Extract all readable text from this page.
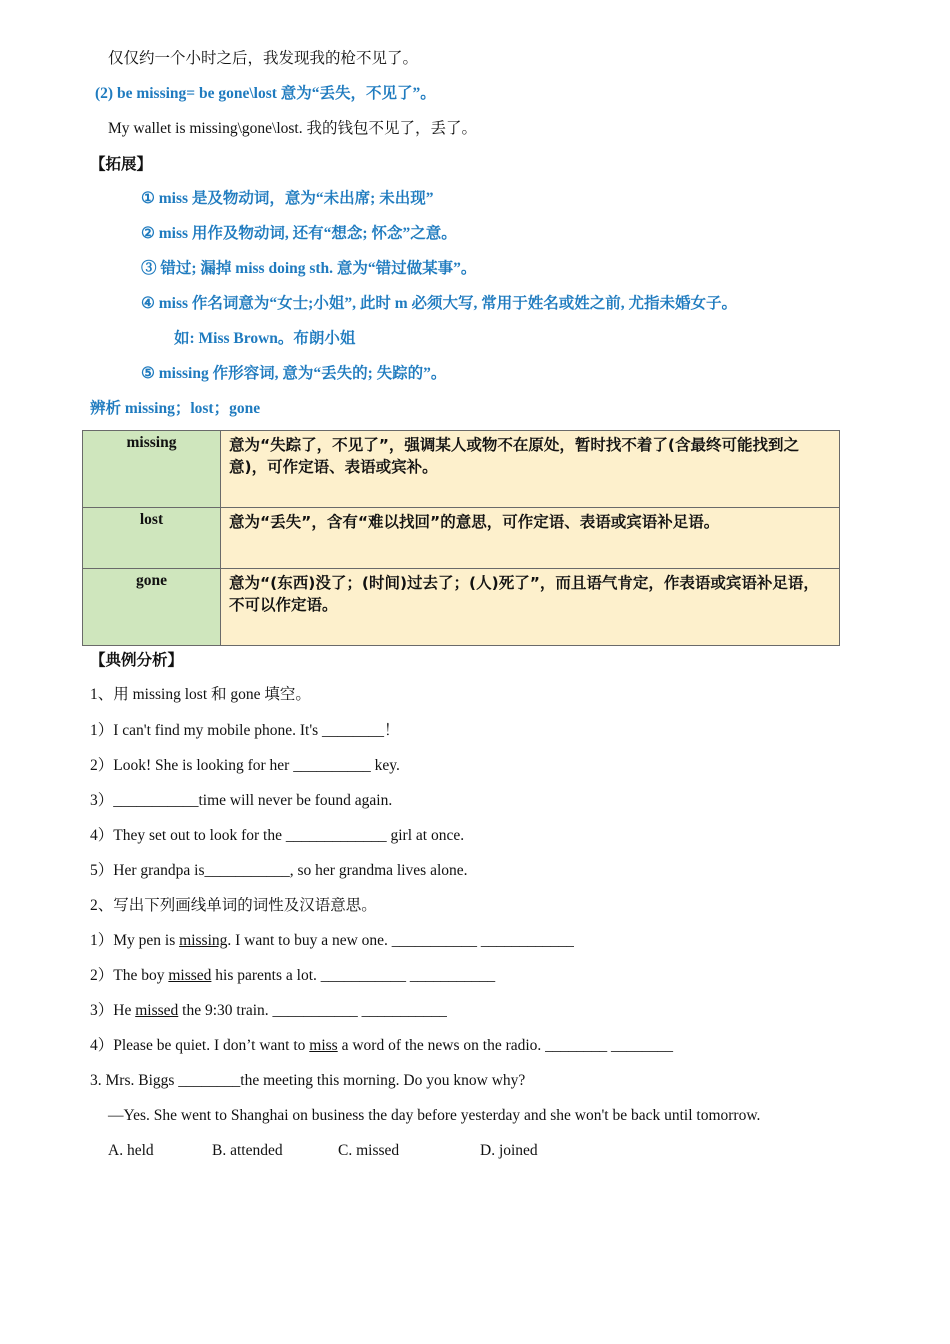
仅仅约一个小时之后，我发现我的枪不见了。
(2) be missing= be gone\lost 意为“丢失，不见了”。
My wallet is missing\gone\lost. 我的钱包不见了，丢了。
【拓展】
① miss 是及物动词，意为“未出席; 未出现”
② miss 用作及物动词, 还有“想念; 怀念”之意。
③ 错过; 漏掉 miss doing sth. 意为“错过做某事”。
④ miss 作名词意为“女士;小姐”, 此时 m 必须大写, 常用于姓名或姓之前, 尤指未婚女子。
如: Miss Brown。布朗小姐
⑤ missing 作形容词, 意为“丢失的; 失踪的”。
辨析 missing；lost；gone
missing	意为“失踪了，不见了”，强调某人或物不在原处，暂时找不着了(含最终可能找到之意)，可作定语、表语或宾补。
lost	意为“丢失”，含有“难以找回”的意思，可作定语、表语或宾语补足语。
gone	意为“(东西)没了；(时间)过去了；(人)死了”，而且语气肯定，作表语或宾语补足语，不可以作定语。
【典例分析】
1、用 missing lost 和 gone 填空。
1）I can't find my mobile phone. It's ________！
2）Look! She is looking for her __________ key.
3）___________time will never be found again.
4）They set out to look for the _____________ girl at once.
5）Her grandpa is___________, so her grandma lives alone.
2、写出下列画线单词的词性及汉语意思。
1）My pen is missing. I want to buy a new one. ___________ ____________
2）The boy missed his parents a lot. ___________ ___________
3）He missed the 9:30 train. ___________ ___________
4）Please be quiet. I don’t want to miss a word of the news on the radio. ________ ________
3. Mrs. Biggs ________the meeting this morning. Do you know why?
—Yes. She went to Shanghai on business the day before yesterday and she won't be back until tomorrow.
A. held	B. attended	C. missed	D. joined
